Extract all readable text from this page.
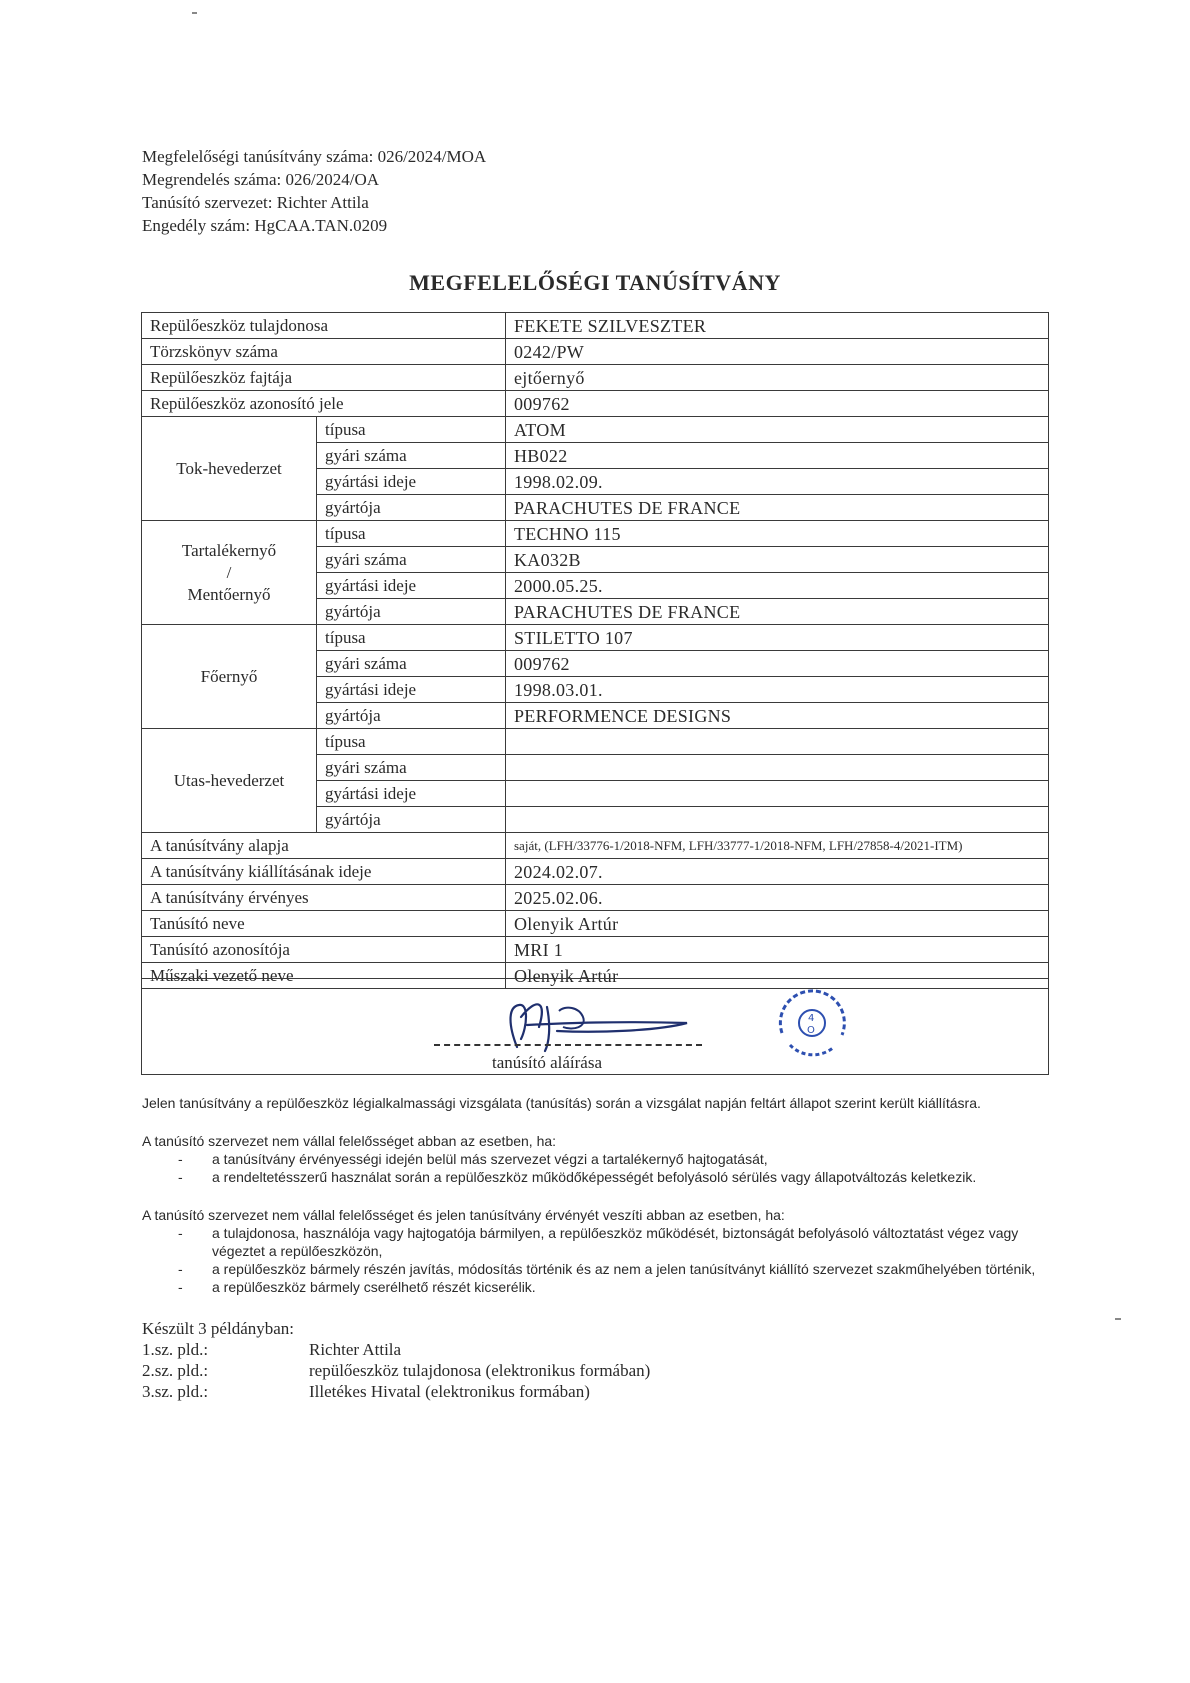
Megfelelőségi tanúsítvány száma: 026/2024/MOA
Megrendelés száma: 026/2024/OA
Tanúsító szervezet: Richter Attila
Engedély szám: HgCAA.TAN.0209
MEGFELELŐSÉGI TANÚSÍTVÁNY
Repülőeszköz tulajdonosa		FEKETE SZILVESZTER
Törzskönyv száma		0242/PW
Repülőeszköz fajtája		ejtőernyő
Repülőeszköz azonosító jele		009762
Tok-hevederzet	típusa	ATOM
	gyári száma	HB022
	gyártási ideje	1998.02.09.
	gyártója	PARACHUTES DE FRANCE
Tartalékernyő
/
Mentőernyő	típusa	TECHNO 115
	gyári száma	KA032B
	gyártási ideje	2000.05.25.
	gyártója	PARACHUTES DE FRANCE
Főernyő	típusa	STILETTO 107
	gyári száma	009762
	gyártási ideje	1998.03.01.
	gyártója	PERFORMENCE DESIGNS
Utas-hevederzet	típusa	
	gyári száma	
	gyártási ideje	
	gyártója	
A tanúsítvány alapja		saját, (LFH/33776-1/2018-NFM, LFH/33777-1/2018-NFM, LFH/27858-4/2021-ITM)
A tanúsítvány kiállításának ideje		2024.02.07.
A tanúsítvány érvényes		2025.02.06.
Tanúsító neve		Olenyik Artúr
Tanúsító azonosítója		MRI 1
Műszaki vezető neve		Olenyik Artúr
tanúsító aláírása
4
O

Jelen tanúsítvány a repülőeszköz légialkalmassági vizsgálata (tanúsítás) során a vizsgálat napján feltárt állapot szerint került kiállításra.

A tanúsító szervezet nem vállal felelősséget abban az esetben, ha:

- a tanúsítvány érvényességi idején belül más szervezet végzi a tartalékernyő hajtogatását,
- a rendeltetésszerű használat során a repülőeszköz működőképességét befolyásoló sérülés vagy állapotváltozás keletkezik.

A tanúsító szervezet nem vállal felelősséget és jelen tanúsítvány érvényét veszíti abban az esetben, ha:

- a tulajdonosa, használója vagy hajtogatója bármilyen, a repülőeszköz működését, biztonságát befolyásoló változtatást végez vagy végeztet a repülőeszközön,
- a repülőeszköz bármely részén javítás, módosítás történik és az nem a jelen tanúsítványt kiállító szervezet szakműhelyében történik,
- a repülőeszköz bármely cserélhető részét kicserélik.
Készült 3 példányban:
1.sz. pld.:	Richter Attila
2.sz. pld.:	repülőeszköz tulajdonosa (elektronikus formában)
3.sz. pld.:	Illetékes Hivatal (elektronikus formában)
